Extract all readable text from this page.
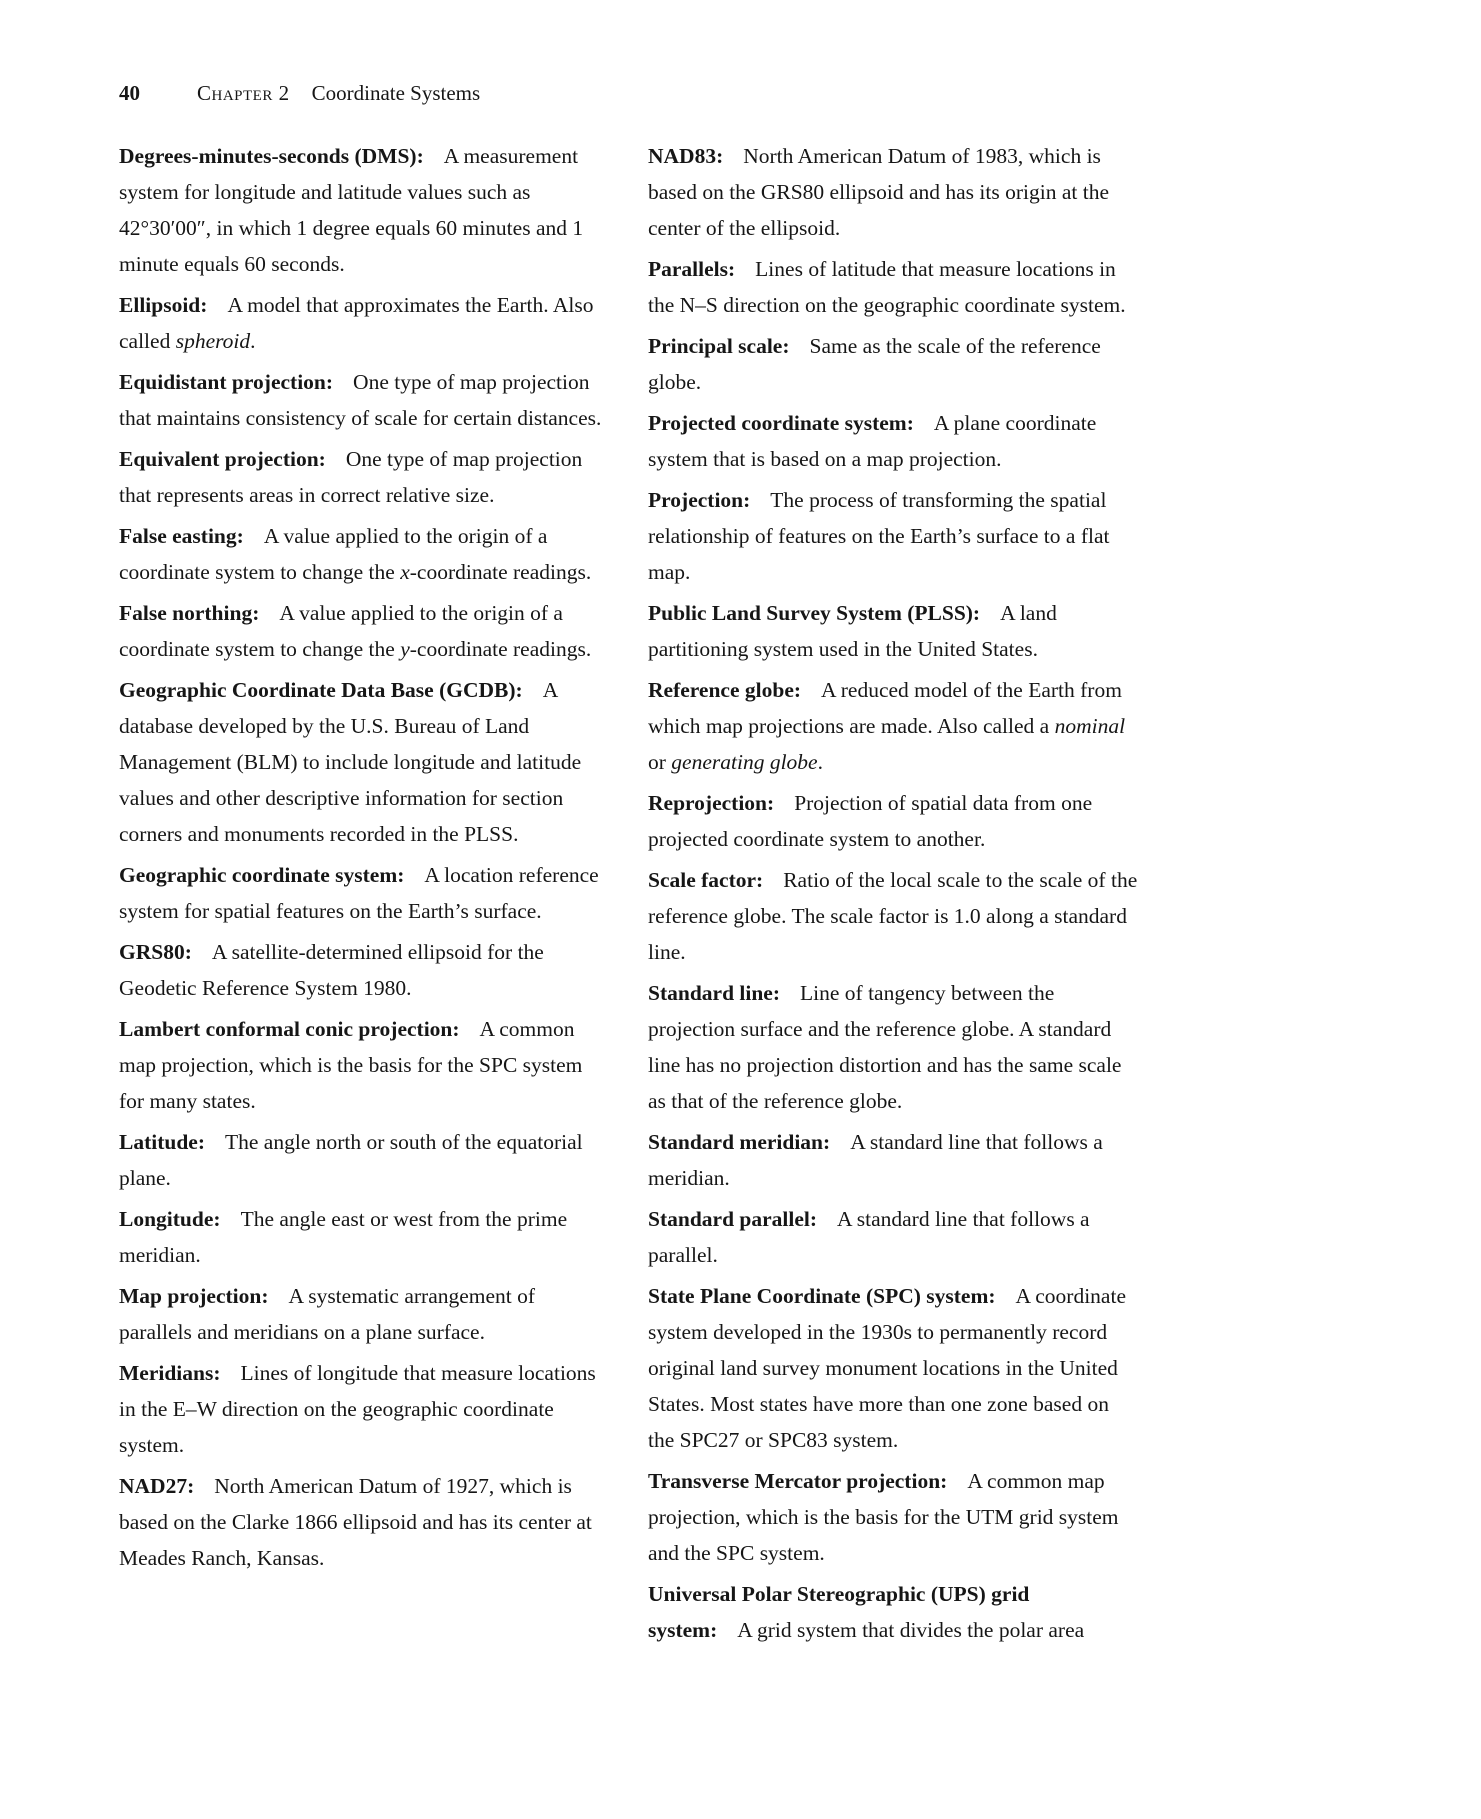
40	Chapter 2 Coordinate Systems

Degrees-minutes-seconds (DMS): A measurement system for longitude and latitude values such as 42°30′00″, in which 1 degree equals 60 minutes and 1 minute equals 60 seconds.

Ellipsoid: A model that approximates the Earth. Also called spheroid.

Equidistant projection: One type of map projection that maintains consistency of scale for certain distances.

Equivalent projection: One type of map projection that represents areas in correct relative size.

False easting: A value applied to the origin of a coordinate system to change the x-coordinate readings.

False northing: A value applied to the origin of a coordinate system to change the y-coordinate readings.

Geographic Coordinate Data Base (GCDB): A database developed by the U.S. Bureau of Land Management (BLM) to include longitude and latitude values and other descriptive information for section corners and monuments recorded in the PLSS.

Geographic coordinate system: A location reference system for spatial features on the Earth’s surface.

GRS80: A satellite-determined ellipsoid for the Geodetic Reference System 1980.

Lambert conformal conic projection: A common map projection, which is the basis for the SPC system for many states.

Latitude: The angle north or south of the equatorial plane.

Longitude: The angle east or west from the prime meridian.

Map projection: A systematic arrangement of parallels and meridians on a plane surface.

Meridians: Lines of longitude that measure locations in the E–W direction on the geographic coordinate system.

NAD27: North American Datum of 1927, which is based on the Clarke 1866 ellipsoid and has its center at Meades Ranch, Kansas.

NAD83: North American Datum of 1983, which is based on the GRS80 ellipsoid and has its origin at the center of the ellipsoid.

Parallels: Lines of latitude that measure locations in the N–S direction on the geographic coordinate system.

Principal scale: Same as the scale of the reference globe.

Projected coordinate system: A plane coordinate system that is based on a map projection.

Projection: The process of transforming the spatial relationship of features on the Earth’s surface to a flat map.

Public Land Survey System (PLSS): A land partitioning system used in the United States.

Reference globe: A reduced model of the Earth from which map projections are made. Also called a nominal or generating globe.

Reprojection: Projection of spatial data from one projected coordinate system to another.

Scale factor: Ratio of the local scale to the scale of the reference globe. The scale factor is 1.0 along a standard line.

Standard line: Line of tangency between the projection surface and the reference globe. A standard line has no projection distortion and has the same scale as that of the reference globe.

Standard meridian: A standard line that follows a meridian.

Standard parallel: A standard line that follows a parallel.

State Plane Coordinate (SPC) system: A coordinate system developed in the 1930s to permanently record original land survey monument locations in the United States. Most states have more than one zone based on the SPC27 or SPC83 system.

Transverse Mercator projection: A common map projection, which is the basis for the UTM grid system and the SPC system.

Universal Polar Stereographic (UPS) grid system: A grid system that divides the polar area
